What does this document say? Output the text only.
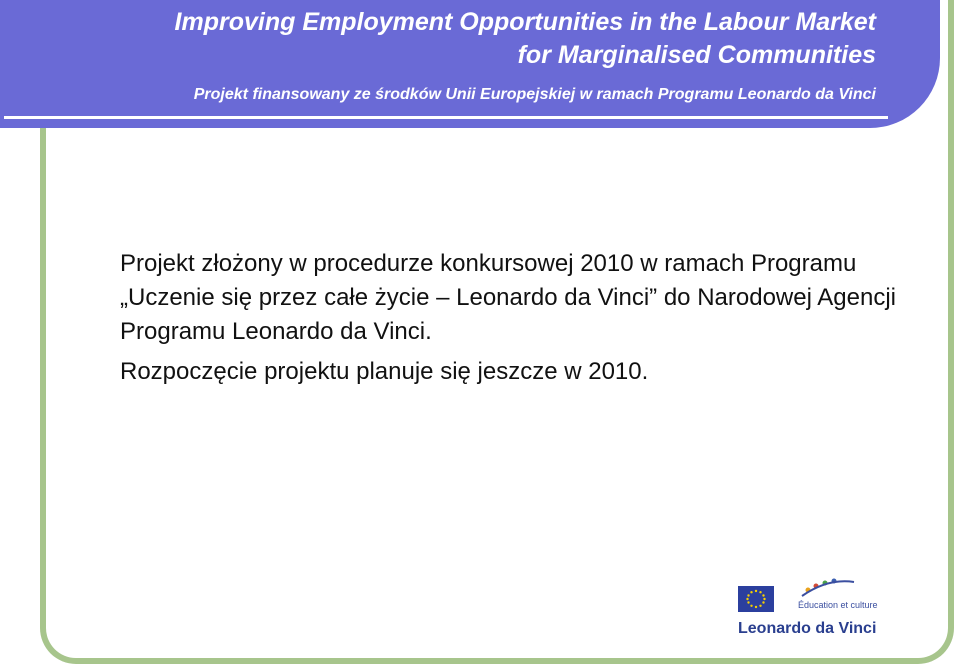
Improving Employment Opportunities in the Labour Market
for Marginalised Communities

Projekt finansowany ze środków Unii Europejskiej w ramach Programu Leonardo da Vinci

Projekt złożony w procedurze konkursowej 2010 w ramach Programu „Uczenie się przez całe życie – Leonardo da Vinci” do Narodowej Agencji Programu Leonardo da Vinci.
Rozpoczęcie projektu planuje się jeszcze w 2010.
Éducation et culture
Leonardo da Vinci
